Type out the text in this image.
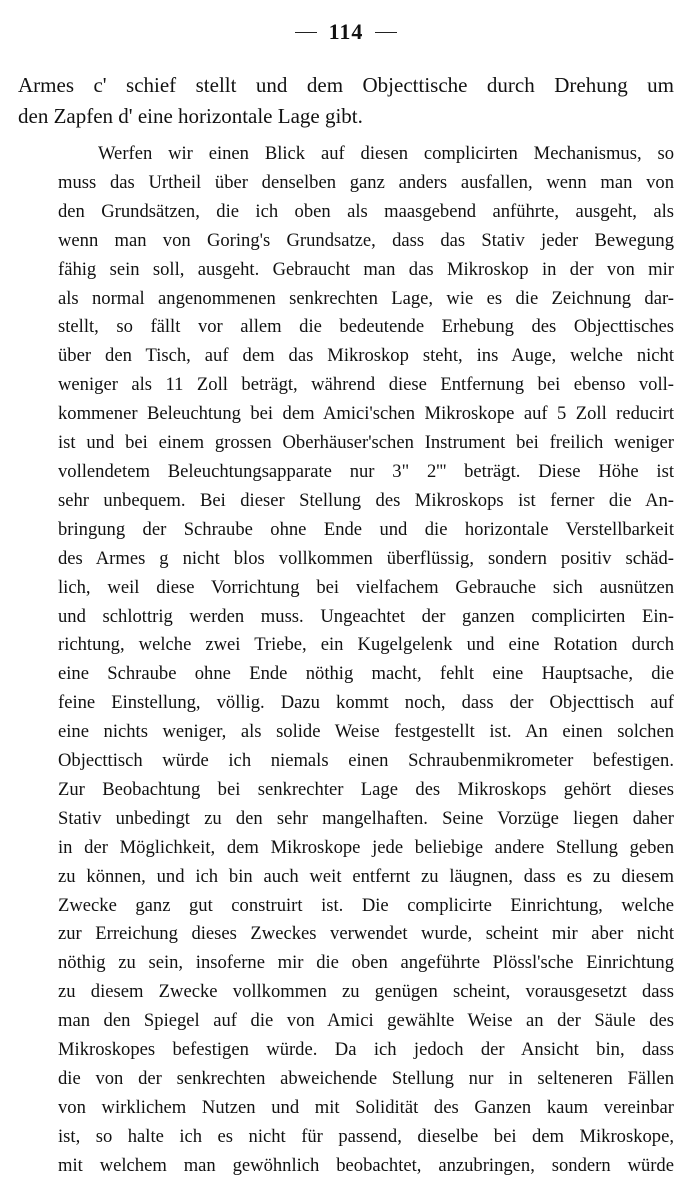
114
Armes c' schief stellt und dem Objecttische durch Drehung um
den Zapfen d' eine horizontale Lage gibt.
Werfen wir einen Blick auf diesen complicirten Mechanismus, so
muss das Urtheil über denselben ganz anders ausfallen, wenn man von
den Grundsätzen, die ich oben als maasgebend anführte, ausgeht, als
wenn man von Goring's Grundsatze, dass das Stativ jeder Bewegung
fähig sein soll, ausgeht. Gebraucht man das Mikroskop in der von mir
als normal angenommenen senkrechten Lage, wie es die Zeichnung dar-
stellt, so fällt vor allem die bedeutende Erhebung des Objecttisches
über den Tisch, auf dem das Mikroskop steht, ins Auge, welche nicht
weniger als 11 Zoll beträgt, während diese Entfernung bei ebenso voll-
kommener Beleuchtung bei dem Amici'schen Mikroskope auf 5 Zoll reducirt
ist und bei einem grossen Oberhäuser'schen Instrument bei freilich weniger
vollendetem Beleuchtungsapparate nur 3" 2''' beträgt. Diese Höhe ist
sehr unbequem. Bei dieser Stellung des Mikroskops ist ferner die An-
bringung der Schraube ohne Ende und die horizontale Verstellbarkeit
des Armes g nicht blos vollkommen überflüssig, sondern positiv schäd-
lich, weil diese Vorrichtung bei vielfachem Gebrauche sich ausnützen
und schlottrig werden muss. Ungeachtet der ganzen complicirten Ein-
richtung, welche zwei Triebe, ein Kugelgelenk und eine Rotation durch
eine Schraube ohne Ende nöthig macht, fehlt eine Hauptsache, die
feine Einstellung, völlig. Dazu kommt noch, dass der Objecttisch auf
eine nichts weniger, als solide Weise festgestellt ist. An einen solchen
Objecttisch würde ich niemals einen Schraubenmikrometer befestigen.
Zur Beobachtung bei senkrechter Lage des Mikroskops gehört dieses
Stativ unbedingt zu den sehr mangelhaften. Seine Vorzüge liegen daher
in der Möglichkeit, dem Mikroskope jede beliebige andere Stellung geben
zu können, und ich bin auch weit entfernt zu läugnen, dass es zu diesem
Zwecke ganz gut construirt ist. Die complicirte Einrichtung, welche
zur Erreichung dieses Zweckes verwendet wurde, scheint mir aber nicht
nöthig zu sein, insoferne mir die oben angeführte Plössl'sche Einrichtung
zu diesem Zwecke vollkommen zu genügen scheint, vorausgesetzt dass
man den Spiegel auf die von Amici gewählte Weise an der Säule des
Mikroskopes befestigen würde. Da ich jedoch der Ansicht bin, dass
die von der senkrechten abweichende Stellung nur in selteneren Fällen
von wirklichem Nutzen und mit Solidität des Ganzen kaum vereinbar
ist, so halte ich es nicht für passend, dieselbe bei dem Mikroskope,
mit welchem man gewöhnlich beobachtet, anzubringen, sondern würde
